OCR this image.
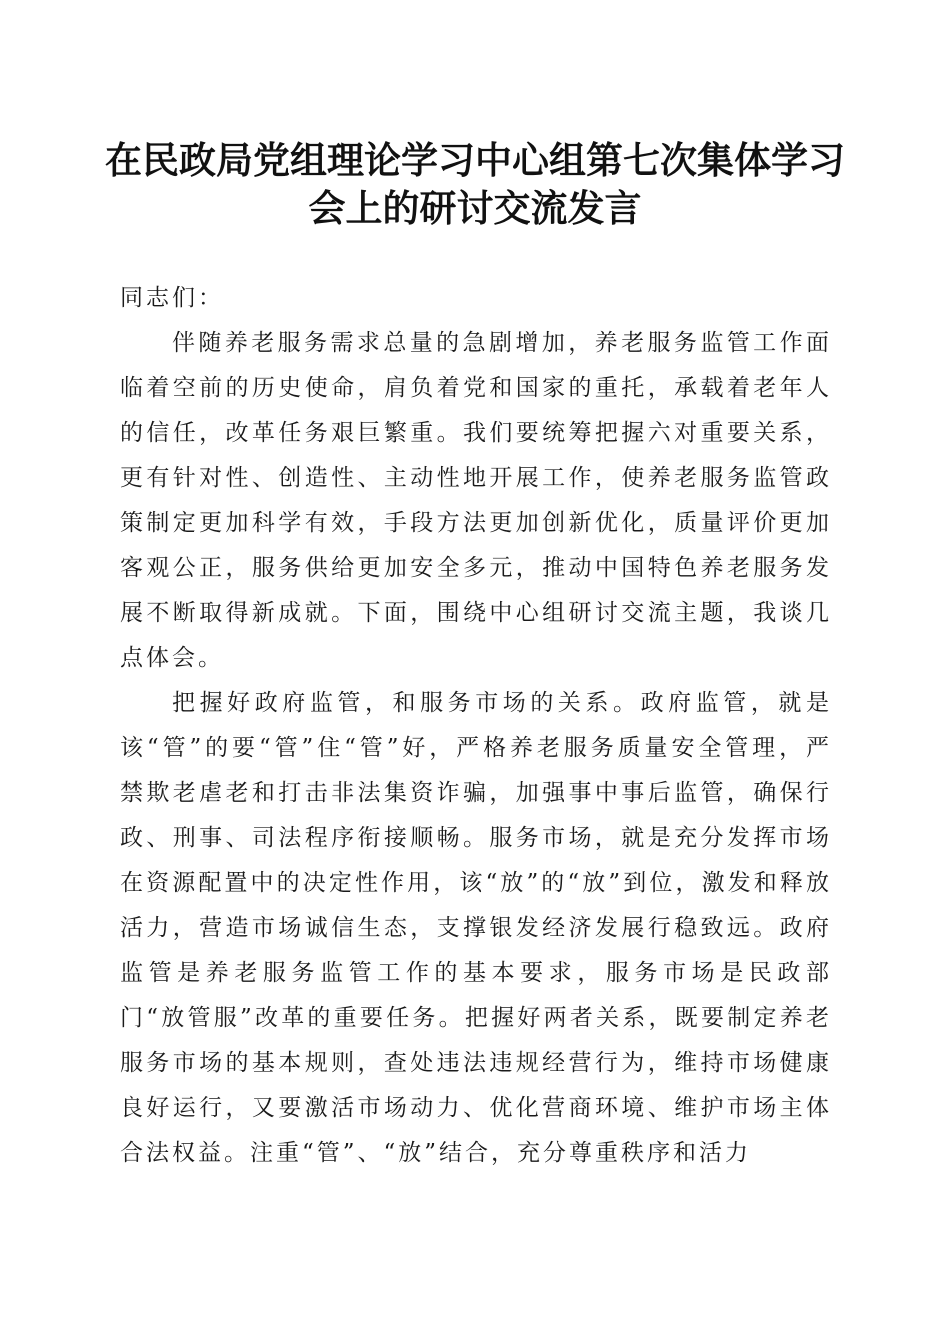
在民政局党组理论学习中心组第七次集体学习
会上的研讨交流发言

同志们：

伴随养老服务需求总量的急剧增加，养老服务监管工作面临着空前的历史使命，肩负着党和国家的重托，承载着老年人的信任，改革任务艰巨繁重。我们要统筹把握六对重要关系，更有针对性、创造性、主动性地开展工作，使养老服务监管政策制定更加科学有效，手段方法更加创新优化，质量评价更加客观公正，服务供给更加安全多元，推动中国特色养老服务发展不断取得新成就。下面，围绕中心组研讨交流主题，我谈几点体会。

把握好政府监管，和服务市场的关系。政府监管，就是该“管”的要“管”住“管”好，严格养老服务质量安全管理，严禁欺老虐老和打击非法集资诈骗，加强事中事后监管，确保行政、刑事、司法程序衔接顺畅。服务市场，就是充分发挥市场在资源配置中的决定性作用，该“放”的“放”到位，激发和释放活力，营造市场诚信生态，支撑银发经济发展行稳致远。政府监管是养老服务监管工作的基本要求，服务市场是民政部门“放管服”改革的重要任务。把握好两者关系，既要制定养老服务市场的基本规则，查处违法违规经营行为，维持市场健康良好运行，又要激活市场动力、优化营商环境、维护市场主体合法权益。注重“管”、“放”结合，充分尊重秩序和活力
